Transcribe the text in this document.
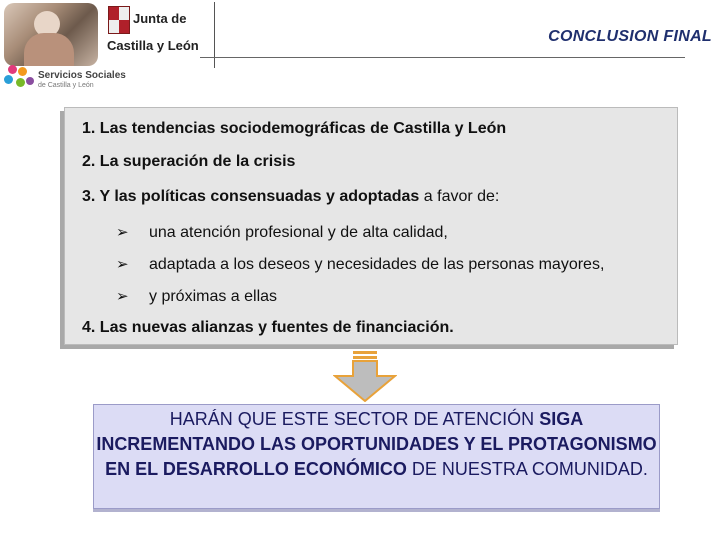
Junta de
Castilla y León
CONCLUSION FINAL
Servicios Sociales
de Castilla y León
1. Las tendencias sociodemográficas de Castilla y León
2. La superación de la crisis
3. Y las políticas consensuadas y adoptadas a favor de:
➢ una atención profesional y de alta calidad,
➢ adaptada a los deseos y necesidades de las personas mayores,
➢ y próximas a ellas
4. Las nuevas alianzas y fuentes de financiación.
HARÁN QUE ESTE SECTOR DE ATENCIÓN SIGA INCREMENTANDO LAS OPORTUNIDADES Y EL PROTAGONISMO EN EL DESARROLLO ECONÓMICO DE NUESTRA COMUNIDAD.
